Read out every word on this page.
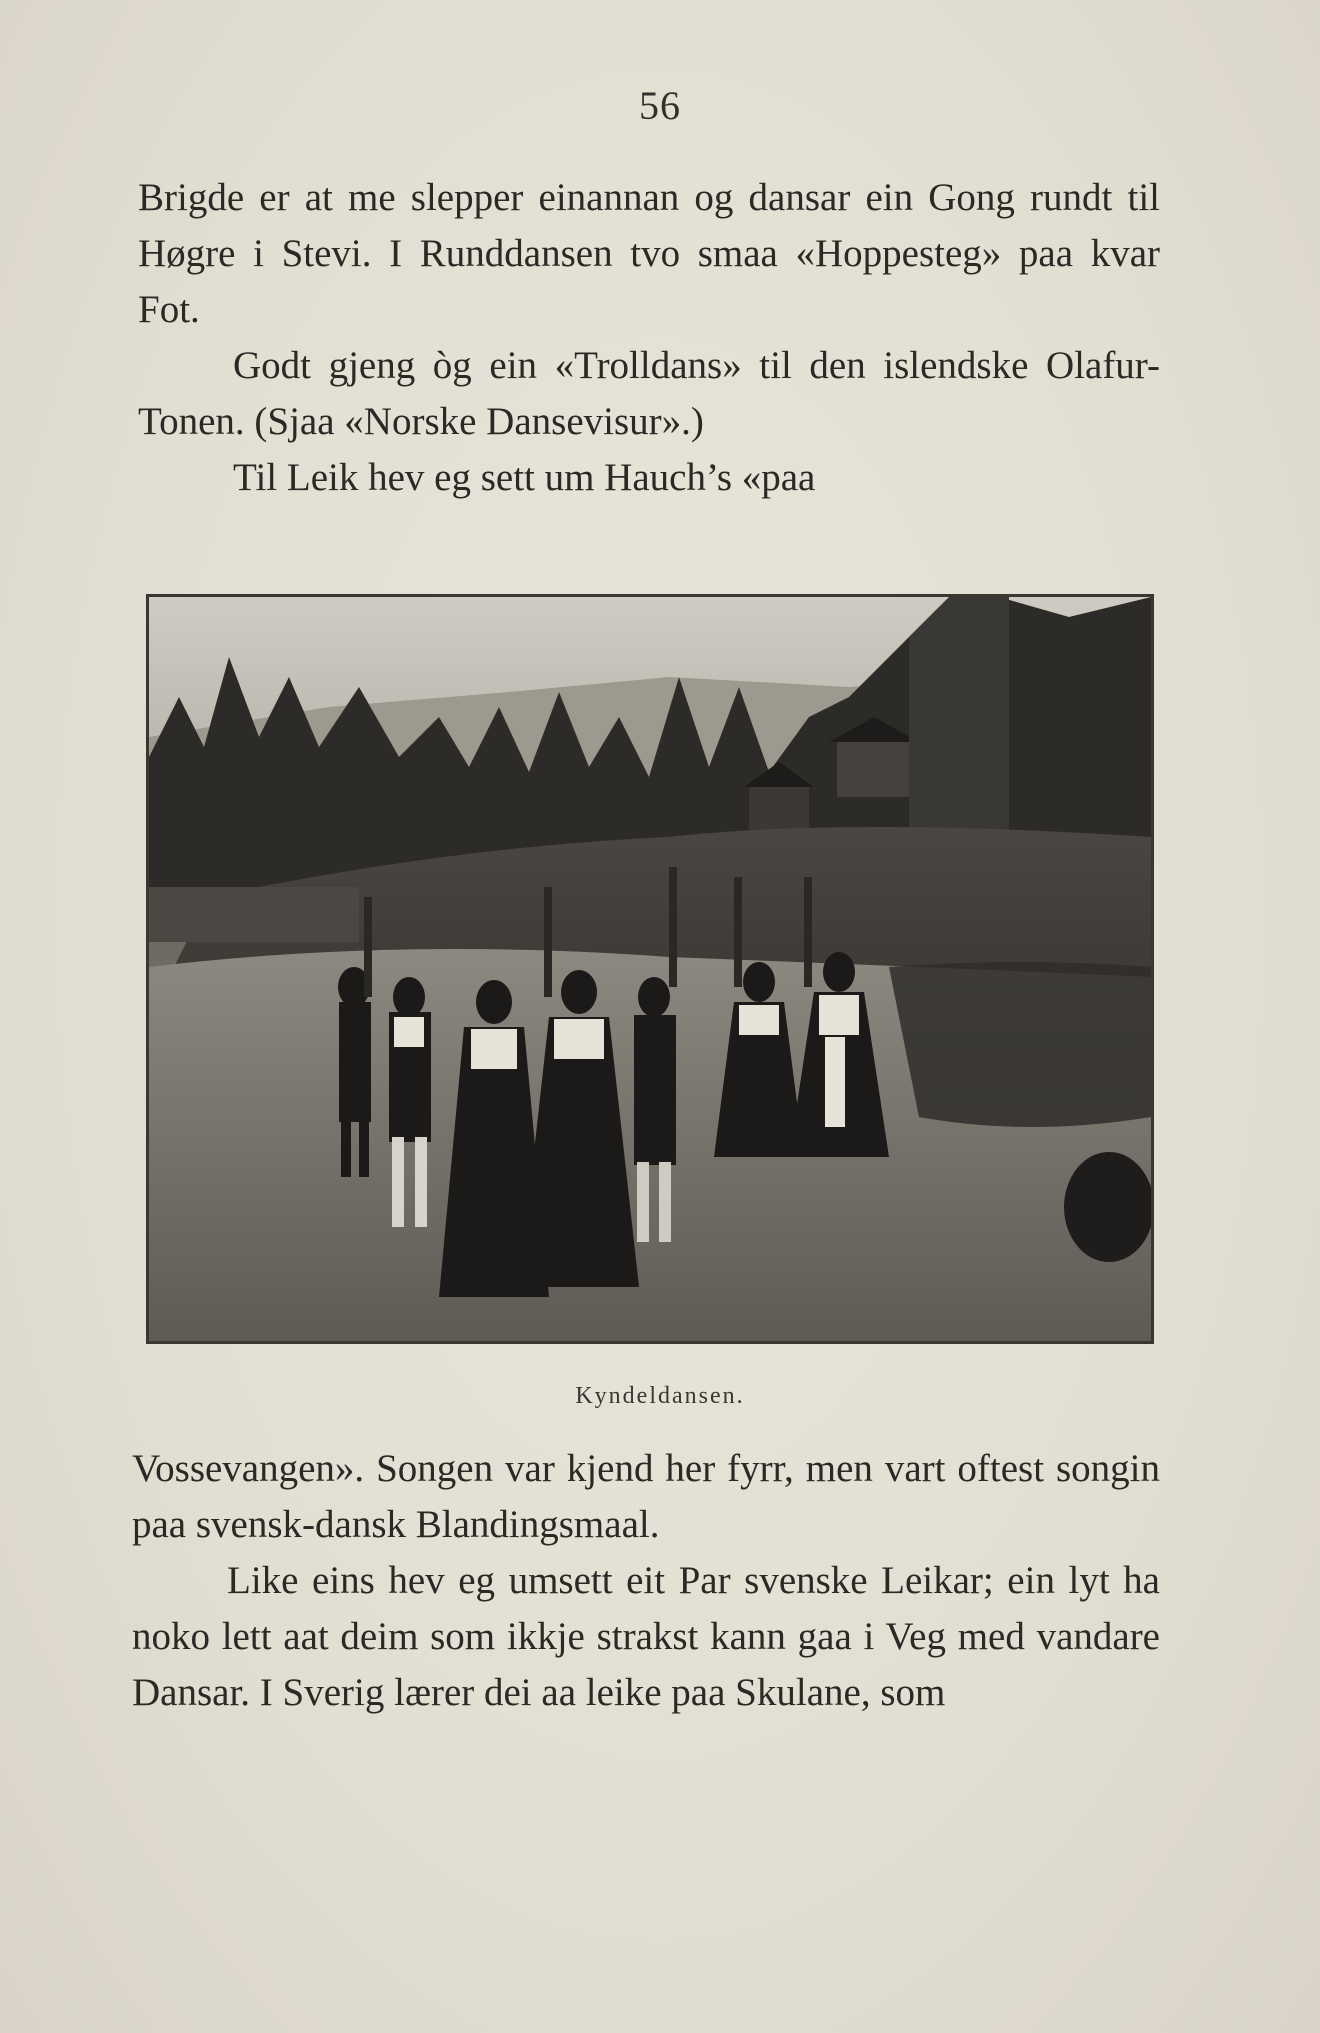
56

Brigde er at me slepper einannan og dansar ein Gong rundt til Høgre i Stevi. I Runddansen tvo smaa «Hoppesteg» paa kvar Fot.

Godt gjeng òg ein «Trolldans» til den islendske Olafur-Tonen. (Sjaa «Norske Dansevisur».)

Til Leik hev eg sett um Hauch’s «paa

Kyndeldansen.

Vossevangen». Songen var kjend her fyrr, men vart oftest songin paa svensk-dansk Blandingsmaal.

Like eins hev eg umsett eit Par svenske Leikar; ein lyt ha noko lett aat deim som ikkje strakst kann gaa i Veg med vandare Dansar. I Sverig lærer dei aa leike paa Skulane, som
